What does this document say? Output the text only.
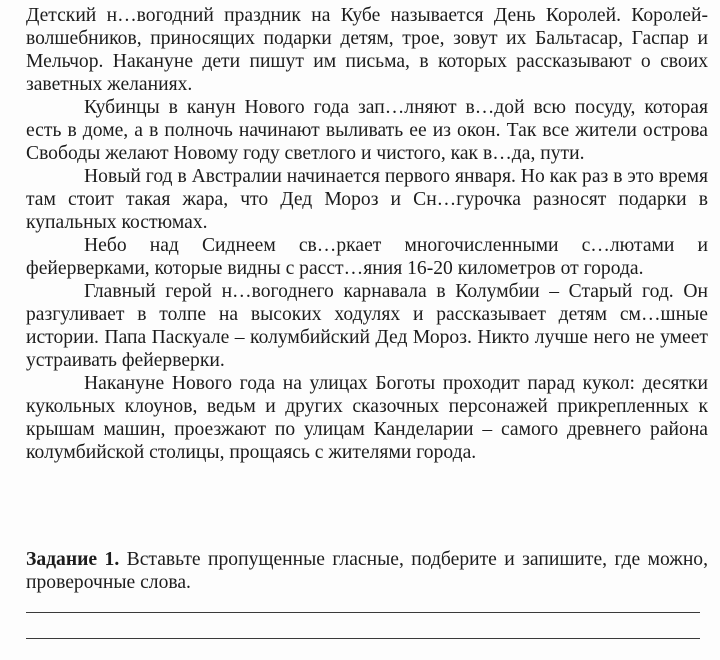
Детский н…вогодний праздник на Кубе называется День Королей. Королей-волшебников, приносящих подарки детям, трое, зовут их Бальтасар, Гаспар и Мельчор. Накануне дети пишут им письма, в которых рассказывают о своих заветных желаниях.

Кубинцы в канун Нового года зап…лняют в…дой всю посуду, которая есть в доме, а в полночь начинают выливать ее из окон. Так все жители острова Свободы желают Новому году светлого и чистого, как в…да, пути.

Новый год в Австралии начинается первого января. Но как раз в это время там стоит такая жара, что Дед Мороз и Сн…гурочка разносят подарки в купальных костюмах.

Небо над Сиднеем св…ркает многочисленными с…лютами и фейерверками, которые видны с расст…яния 16-20 километров от города.

Главный герой н…вогоднего карнавала в Колумбии – Старый год. Он разгуливает в толпе на высоких ходулях и рассказывает детям см…шные истории. Папа Паскуале – колумбийский Дед Мороз. Никто лучше него не умеет устраивать фейерверки.

Накануне Нового года на улицах Боготы проходит парад кукол: десятки кукольных клоунов, ведьм и других сказочных персонажей прикрепленных к крышам машин, проезжают по улицам Канделарии – самого древнего района колумбийской столицы, прощаясь с жителями города.

Задание 1. Вставьте пропущенные гласные, подберите и запишите, где можно, проверочные слова.
